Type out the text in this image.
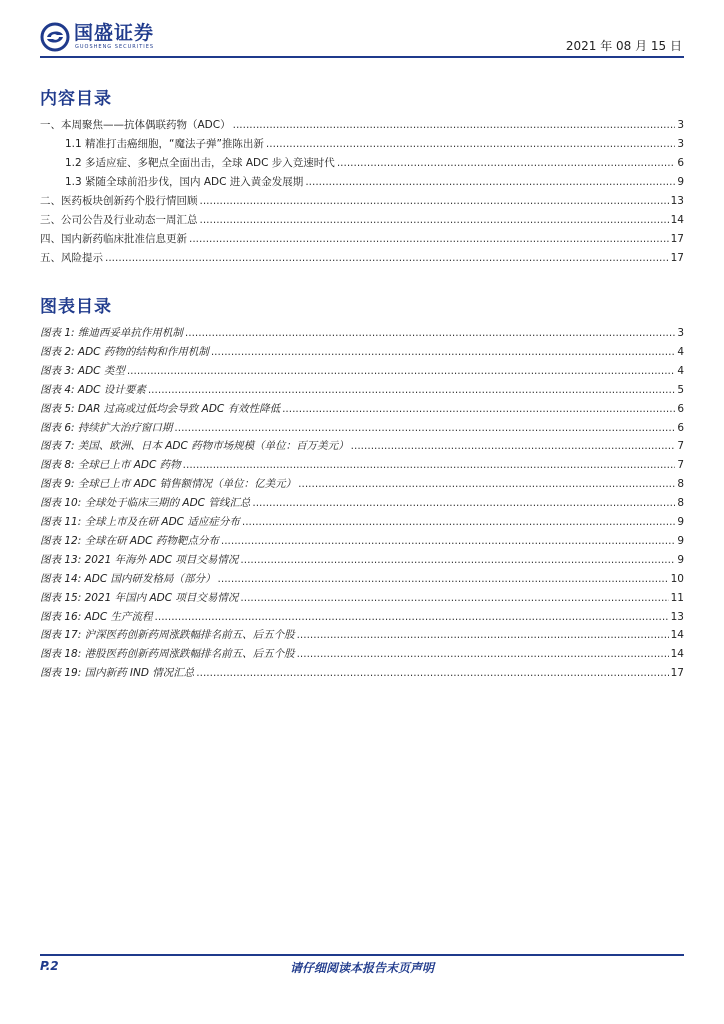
国盛证券
GUOSHENG SECURITIES	2021 年 08 月 15 日
内容目录
一、本周聚焦——抗体偶联药物（ADC） .....	3
1.1 精准打击癌细胞，“魔法子弹”推陈出新 .....	3
1.2 多适应症、多靶点全面出击，全球 ADC 步入竞速时代 .....	6
1.3 紧随全球前沿步伐，国内 ADC 进入黄金发展期 .....	9
二、医药板块创新药个股行情回顾 .....	13
三、公司公告及行业动态一周汇总 .....	14
四、国内新药临床批准信息更新 .....	17
五、风险提示 .....	17
图表目录
图表 1: 维迪西妥单抗作用机制 .....	3
图表 2: ADC 药物的结构和作用机制 .....	4
图表 3: ADC 类型 .....	4
图表 4: ADC 设计要素 .....	5
图表 5: DAR 过高或过低均会导致 ADC 有效性降低 .....	6
图表 6: 持续扩大治疗窗口期 .....	6
图表 7: 美国、欧洲、日本 ADC 药物市场规模（单位：百万美元） .....	7
图表 8: 全球已上市 ADC 药物 .....	7
图表 9: 全球已上市 ADC 销售额情况（单位：亿美元） .....	8
图表 10: 全球处于临床三期的 ADC 管线汇总 .....	8
图表 11: 全球上市及在研 ADC 适应症分布 .....	9
图表 12: 全球在研 ADC 药物靶点分布 .....	9
图表 13: 2021 年海外 ADC 项目交易情况 .....	9
图表 14: ADC 国内研发格局（部分） .....	10
图表 15: 2021 年国内 ADC 项目交易情况 .....	11
图表 16: ADC 生产流程 .....	13
图表 17: 沪深医药创新药周涨跌幅排名前五、后五个股 .....	14
图表 18: 港股医药创新药周涨跌幅排名前五、后五个股 .....	14
图表 19: 国内新药 IND 情况汇总 .....	17
P.2	请仔细阅读本报告末页声明
